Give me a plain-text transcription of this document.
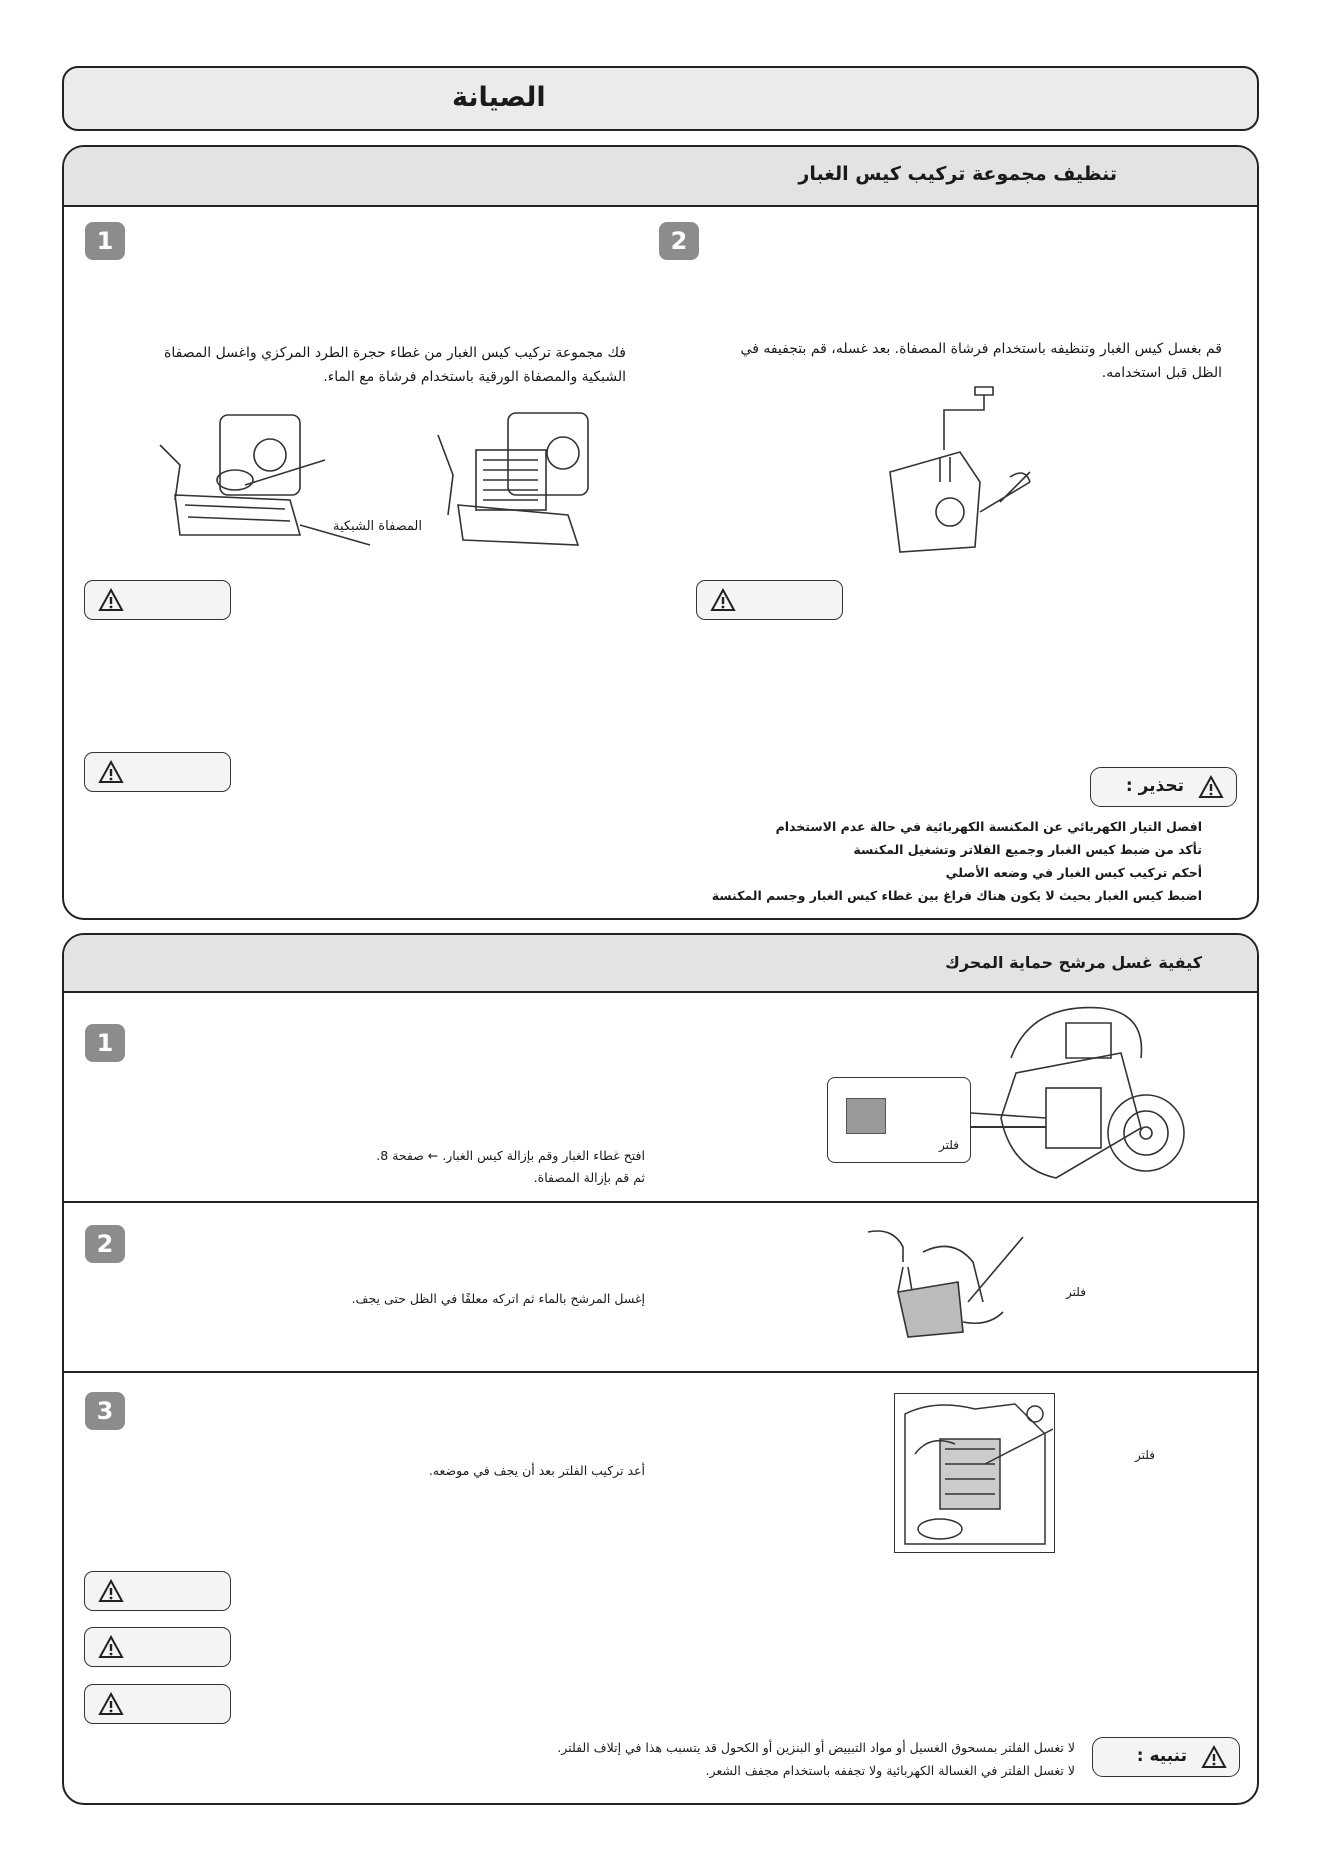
الصيانة
تنظيف مجموعة تركيب كيس الغبار
1	2
فك مجموعة تركيب كيس الغبار من غطاء حجرة الطرد المركزي واغسل المصفاة
الشبكية والمصفاة الورقية باستخدام فرشاة مع الماء.
قم بغسل كيس الغبار وتنظيفه باستخدام فرشاة المصفاة. بعد غسله، قم بتجفيفه في
الظل قبل استخدامه.
المصفاة الشبكية
تحذير :
افصل التيار الكهربائي عن المكنسة الكهربائية في حالة عدم الاستخدام
تأكد من ضبط كيس الغبار وجميع الفلاتر وتشغيل المكنسة
أحكم تركيب كيس الغبار في وضعه الأصلي
اضبط كيس الغبار بحيث لا يكون هناك فراغ بين غطاء كيس الغبار وجسم المكنسة
كيفية غسل مرشح حماية المحرك
1
2
3
افتح غطاء الغبار وقم بإزالة كيس الغبار. ← صفحة 8.
ثم قم بإزالة المصفاة.
إغسل المرشح بالماء ثم اتركه معلقًا في الظل حتى يجف.
أعد تركيب الفلتر بعد أن يجف في موضعه.
فلتر
فلتر
فلتر
تنبيه :
لا تغسل الفلتر بمسحوق الغسيل أو مواد التبييض أو البنزين أو الكحول قد يتسبب هذا في إتلاف الفلتر.
لا تغسل الفلتر في الغسالة الكهربائية ولا تجففه باستخدام مجفف الشعر.
